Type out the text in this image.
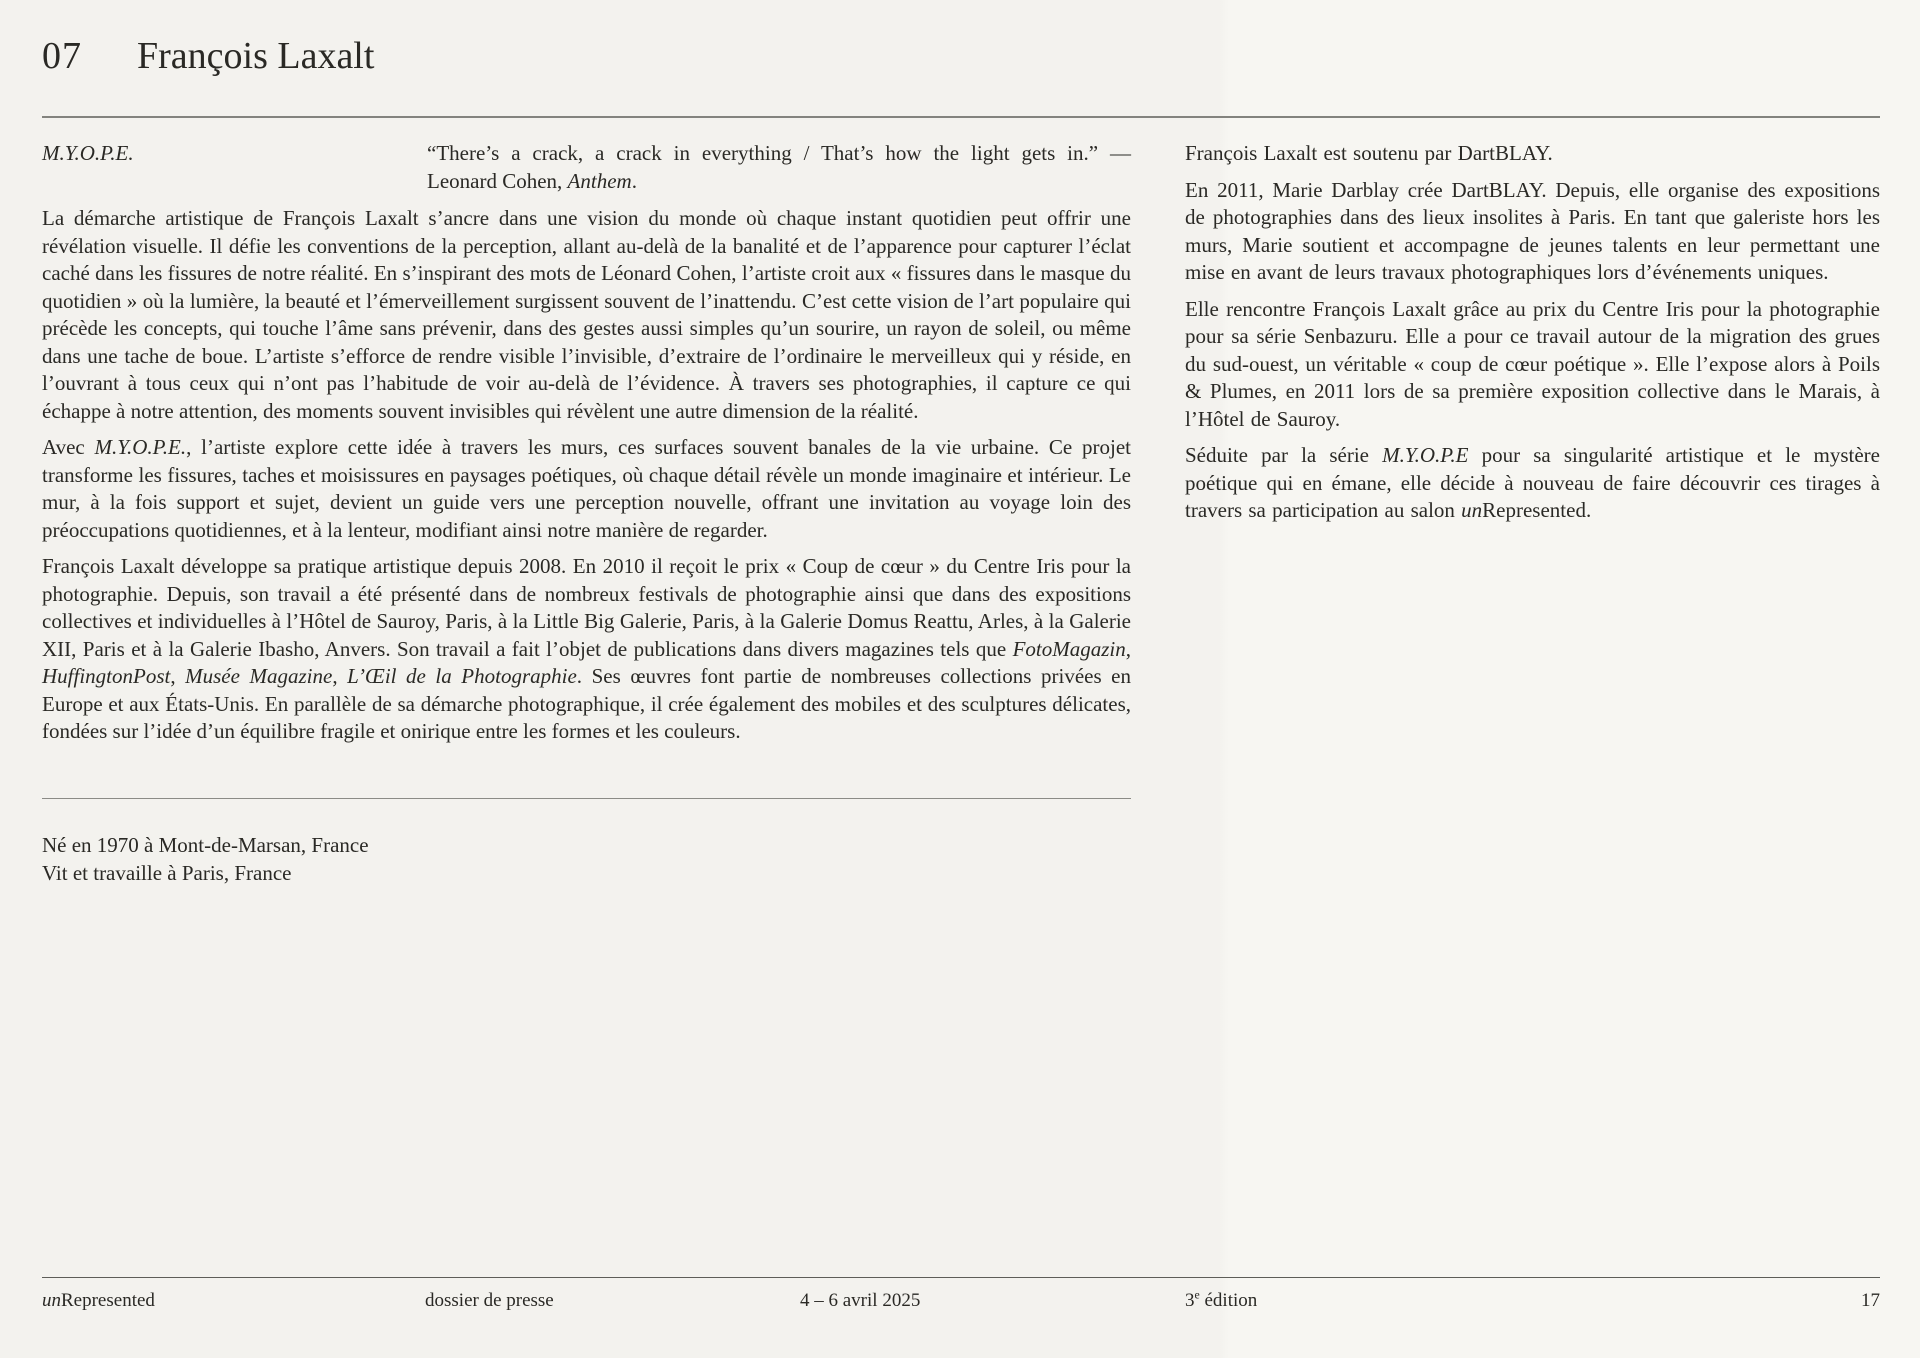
07	François Laxalt
M.Y.O.P.E.	“There’s a crack, a crack in everything / That’s how the light gets in.” —
Leonard Cohen, Anthem.

La démarche artistique de François Laxalt s’ancre dans une vision du monde où chaque instant quotidien peut offrir une révélation visuelle. Il défie les conventions de la perception, allant au-delà de la banalité et de l’apparence pour capturer l’éclat caché dans les fissures de notre réalité. En s’inspirant des mots de Léonard Cohen, l’artiste croit aux « fissures dans le masque du quotidien » où la lumière, la beauté et l’émerveillement surgissent souvent de l’inattendu. C’est cette vision de l’art populaire qui précède les concepts, qui touche l’âme sans prévenir, dans des gestes aussi simples qu’un sourire, un rayon de soleil, ou même dans une tache de boue. L’artiste s’efforce de rendre visible l’invisible, d’extraire de l’ordinaire le merveilleux qui y réside, en l’ouvrant à tous ceux qui n’ont pas l’habitude de voir au-delà de l’évidence. À travers ses photographies, il capture ce qui échappe à notre attention, des moments souvent invisibles qui révèlent une autre dimension de la réalité.

Avec M.Y.O.P.E., l’artiste explore cette idée à travers les murs, ces surfaces souvent banales de la vie urbaine. Ce projet transforme les fissures, taches et moisissures en paysages poétiques, où chaque détail révèle un monde imaginaire et intérieur. Le mur, à la fois support et sujet, devient un guide vers une perception nouvelle, offrant une invitation au voyage loin des préoccupations quotidiennes, et à la lenteur, modifiant ainsi notre manière de regarder.

François Laxalt développe sa pratique artistique depuis 2008. En 2010 il reçoit le prix « Coup de cœur » du Centre Iris pour la photographie. Depuis, son travail a été présenté dans de nombreux festivals de photographie ainsi que dans des expositions collectives et individuelles à l’Hôtel de Sauroy, Paris, à la Little Big Galerie, Paris, à la Galerie Domus Reattu, Arles, à la Galerie XII, Paris et à la Galerie Ibasho, Anvers. Son travail a fait l’objet de publications dans divers magazines tels que FotoMagazin, HuffingtonPost, Musée Magazine, L’Œil de la Photographie. Ses œuvres font partie de nombreuses collections privées en Europe et aux États-Unis. En parallèle de sa démarche photographique, il crée également des mobiles et des sculptures délicates, fondées sur l’idée d’un équilibre fragile et onirique entre les formes et les couleurs.

Né en 1970 à Mont-de-Marsan, France
Vit et travaille à Paris, France

François Laxalt est soutenu par DartBLAY.

En 2011, Marie Darblay crée DartBLAY. Depuis, elle organise des expositions de photographies dans des lieux insolites à Paris. En tant que galeriste hors les murs, Marie soutient et accompagne de jeunes talents en leur permettant une mise en avant de leurs travaux photographiques lors d’événements uniques.

Elle rencontre François Laxalt grâce au prix du Centre Iris pour la photographie pour sa série Senbazuru. Elle a pour ce travail autour de la migration des grues du sud-ouest, un véritable « coup de cœur poétique ». Elle l’expose alors à Poils & Plumes, en 2011 lors de sa première exposition collective dans le Marais, à l’Hôtel de Sauroy.

Séduite par la série M.Y.O.P.E pour sa singularité artistique et le mystère poétique qui en émane, elle décide à nouveau de faire découvrir ces tirages à travers sa participation au salon unRepresented.

unRepresented	dossier de presse	4 – 6 avril 2025	3e édition	17
